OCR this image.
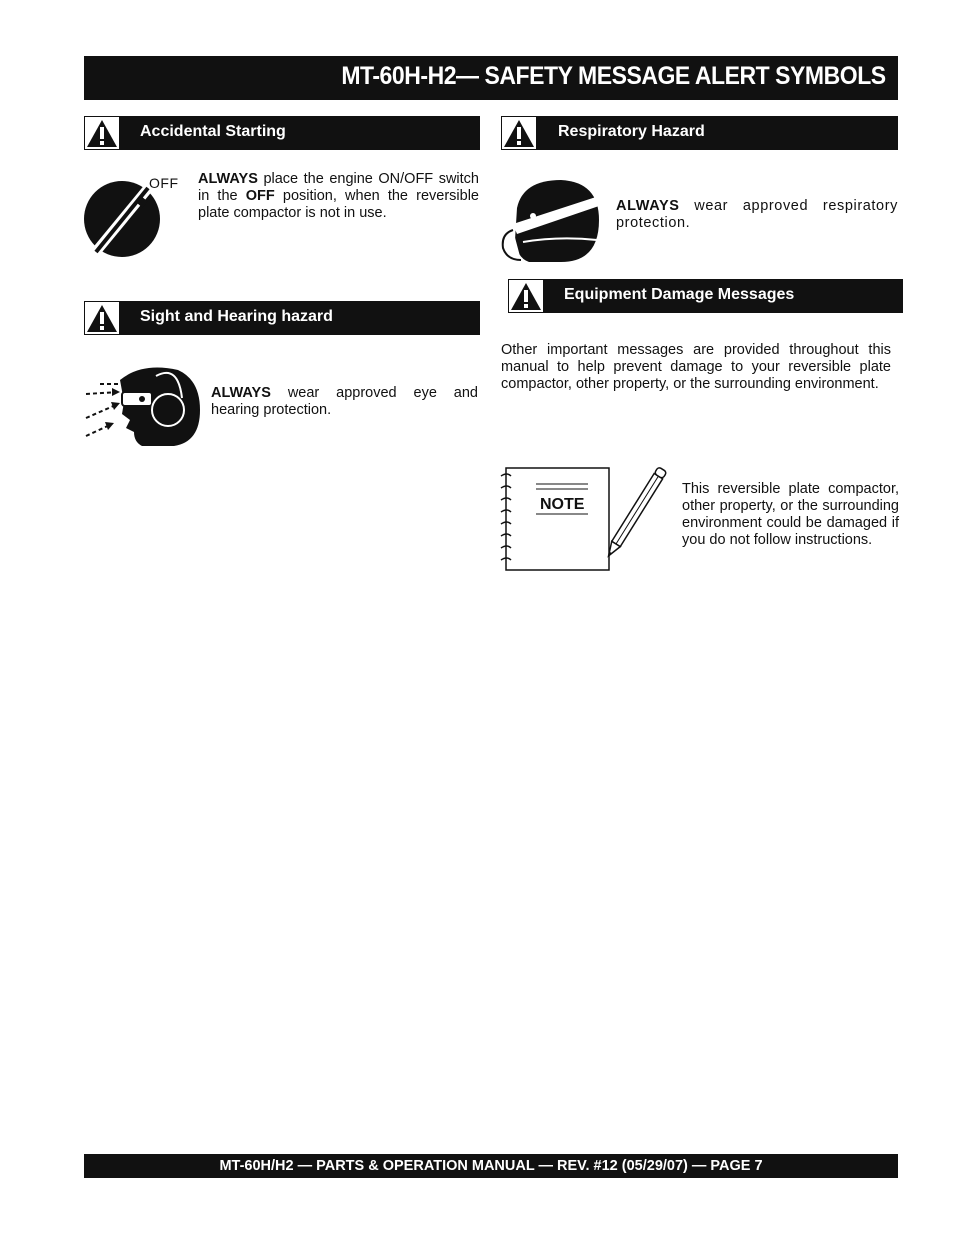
MT-60H-H2— SAFETY MESSAGE ALERT SYMBOLS
Accidental Starting
OFF ALWAYS place the engine ON/OFF switch in the OFF position, when the reversible plate compactor is not in use.
Sight and Hearing hazard
ALWAYS wear approved eye and hearing protection.
Respiratory Hazard
ALWAYS wear approved respiratory protection.
Equipment Damage Messages
Other important messages are provided throughout this manual to help prevent damage to your reversible plate compactor, other property, or the surrounding environment.
NOTE
This reversible plate compactor, other property, or the surrounding environment could be damaged if you do not follow instructions.
MT-60H/H2 — PARTS & OPERATION MANUAL — REV. #12 (05/29/07) — PAGE 7
